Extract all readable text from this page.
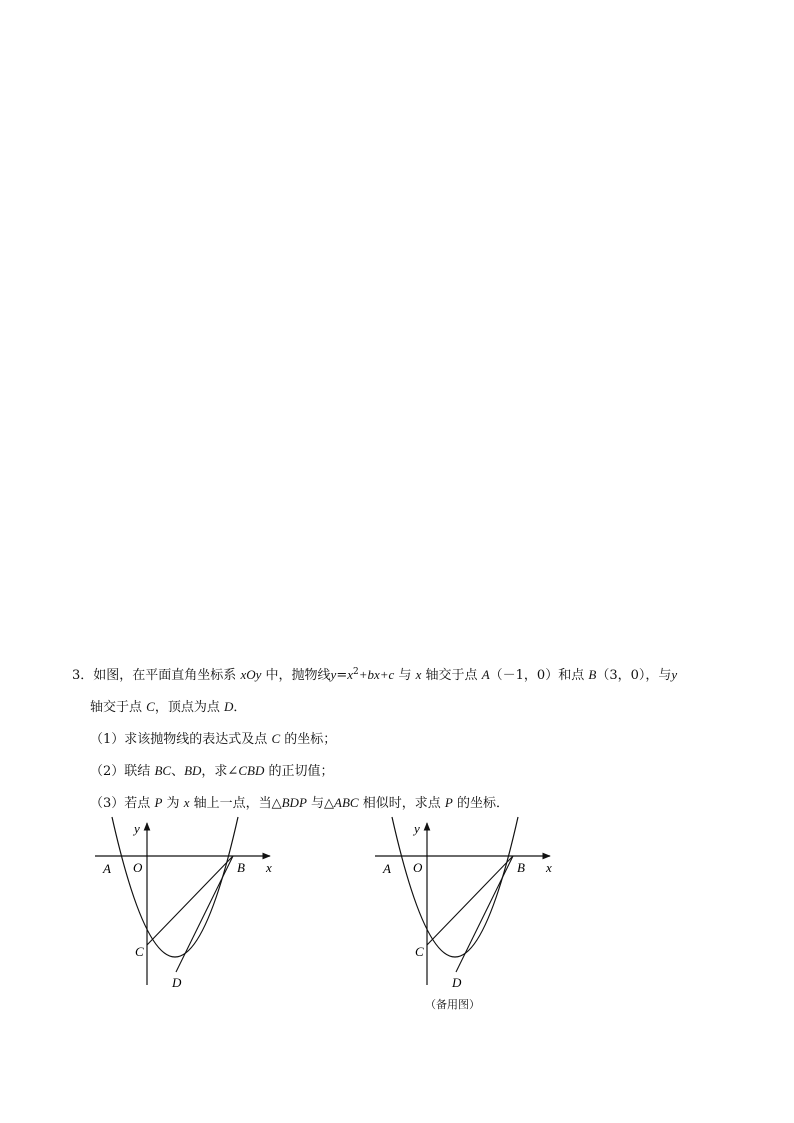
3．如图，在平面直角坐标系 xOy 中，抛物线$y=x^2+bx+c$ 与 x 轴交于点 A（－1，0）和点 B（3，0），与y
轴交于点 C，顶点为点 D．
（1）求该抛物线的表达式及点 C 的坐标；
（2）联结 BC、BD，求∠CBD 的正切值；
（3）若点 P 为 x 轴上一点，当△BDP 与△ABC 相似时，求点 P 的坐标．
y
O	x
A	B
C
D
y
O	x
A	B
C
D
（备用图）
